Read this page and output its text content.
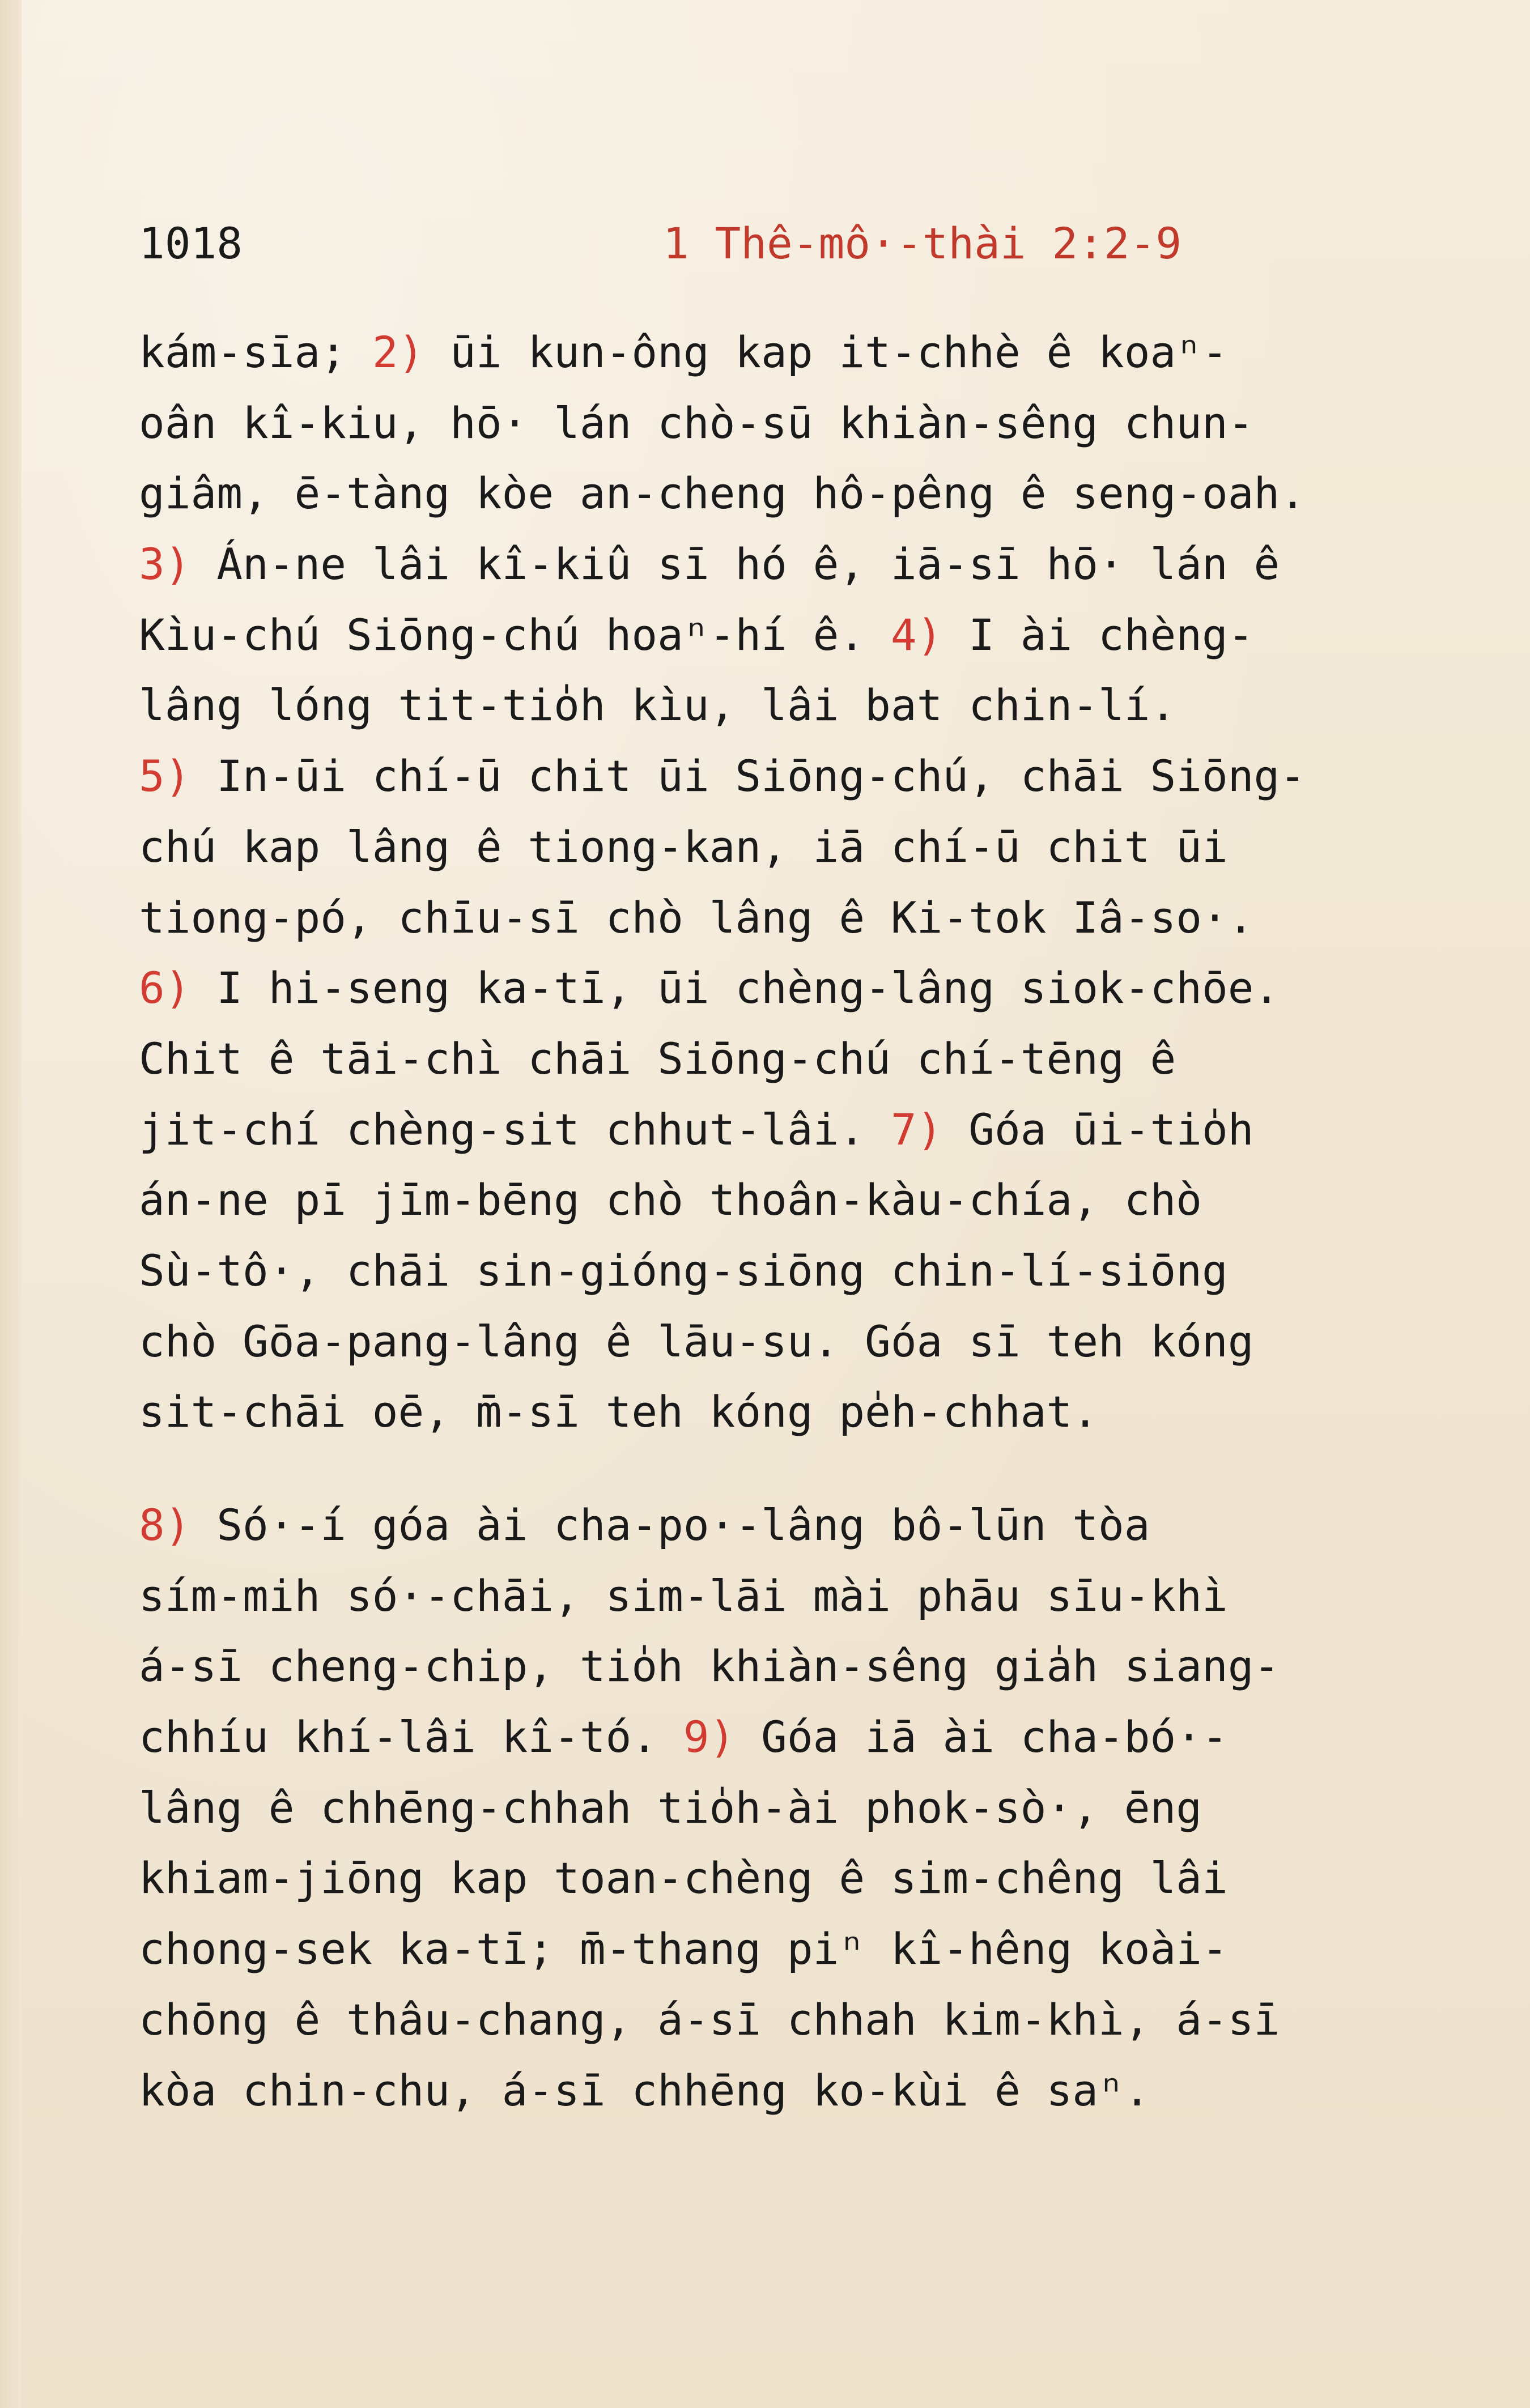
1018	1 Thê-mô·-thài 2:2-9
kám-sīa; 2) ūi kun-ông kap it-chhè ê koaⁿ-
oân kî-kiu, hō· lán chò-sū khiàn-sêng chun-
giâm, ē-tàng kòe an-cheng hô-pêng ê seng-oah.
3) Án-ne lâi kî-kiû sī hó ê, iā-sī hō· lán ê
Kìu-chú Siōng-chú hoaⁿ-hí ê. 4) I ài chèng-
lâng lóng tit-tio̍h kìu, lâi bat chin-lí.
5) In-ūi chí-ū chit ūi Siōng-chú, chāi Siōng-
chú kap lâng ê tiong-kan, iā chí-ū chit ūi
tiong-pó, chīu-sī chò lâng ê Ki-tok Iâ-so·.
6) I hi-seng ka-tī, ūi chèng-lâng siok-chōe.
Chit ê tāi-chì chāi Siōng-chú chí-tēng ê
jit-chí chèng-sit chhut-lâi. 7) Góa ūi-tio̍h
án-ne pī jīm-bēng chò thoân-kàu-chía, chò
Sù-tô·, chāi sin-gióng-siōng chin-lí-siōng
chò Gōa-pang-lâng ê lāu-su. Góa sī teh kóng
sit-chāi oē, m̄-sī teh kóng pe̍h-chhat.
8) Só·-í góa ài cha-po·-lâng bô-lūn tòa
sím-mih só·-chāi, sim-lāi mài phāu sīu-khì
á-sī cheng-chip, tio̍h khiàn-sêng gia̍h siang-
chhíu khí-lâi kî-tó. 9) Góa iā ài cha-bó·-
lâng ê chhēng-chhah tio̍h-ài phok-sò·, ēng
khiam-jiōng kap toan-chèng ê sim-chêng lâi
chong-sek ka-tī; m̄-thang piⁿ kî-hêng koài-
chōng ê thâu-chang, á-sī chhah kim-khì, á-sī
kòa chin-chu, á-sī chhēng ko-kùi ê saⁿ.
